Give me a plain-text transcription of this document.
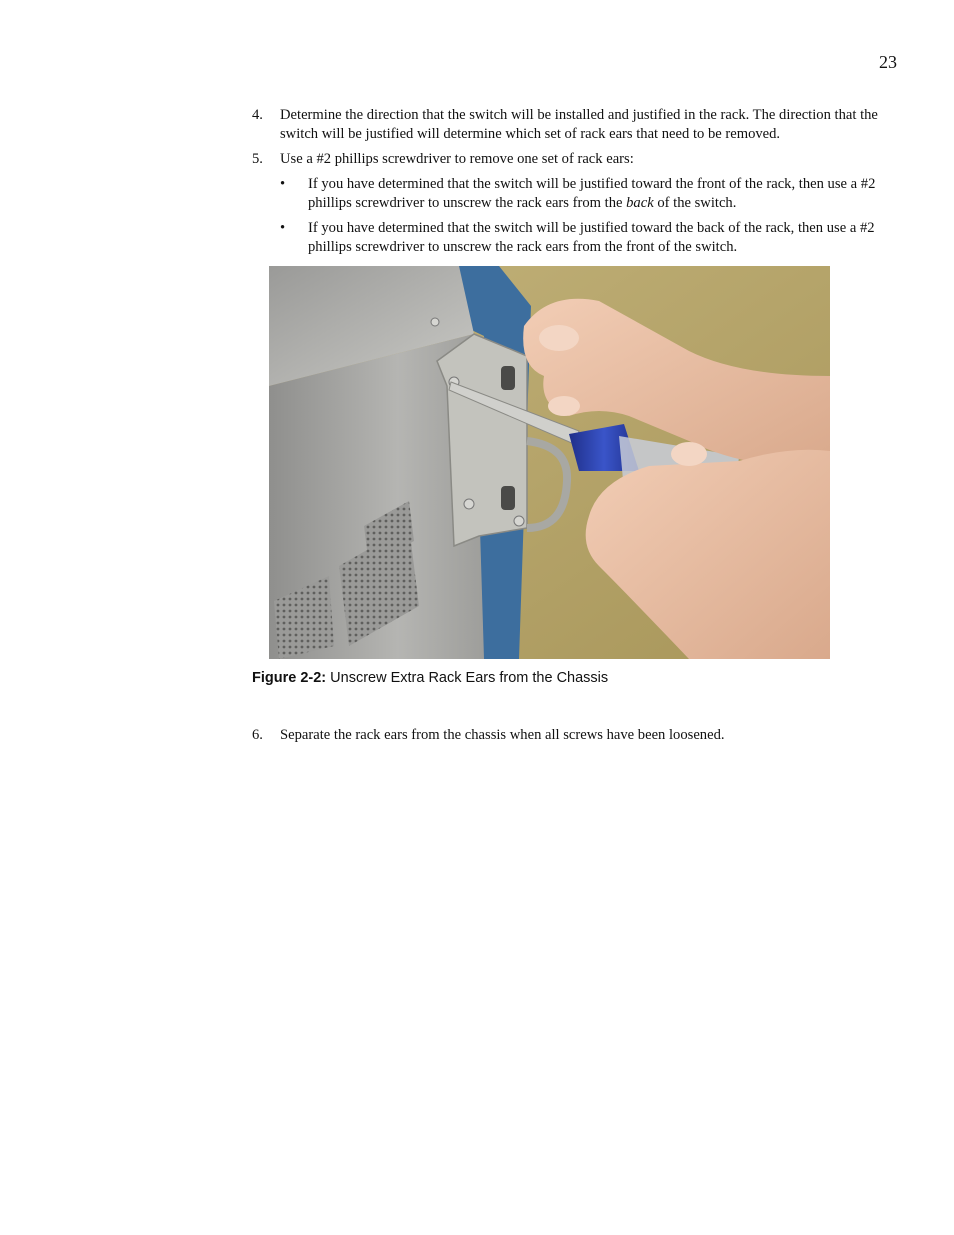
23
4.	Determine the direction that the switch will be installed and justified in the rack. The direction that the switch will be justified will determine which set of rack ears that need to be removed.
5.	Use a #2 phillips screwdriver to remove one set of rack ears:
•	If you have determined that the switch will be justified toward the front of the rack, then use a #2 phillips screwdriver to unscrew the rack ears from the back of the switch.
•	If you have determined that the switch will be justified toward the back of the rack, then use a #2 phillips screwdriver to unscrew the rack ears from the front of the switch.
Figure 2-2: Unscrew Extra Rack Ears from the Chassis
6.	Separate the rack ears from the chassis when all screws have been loosened.
